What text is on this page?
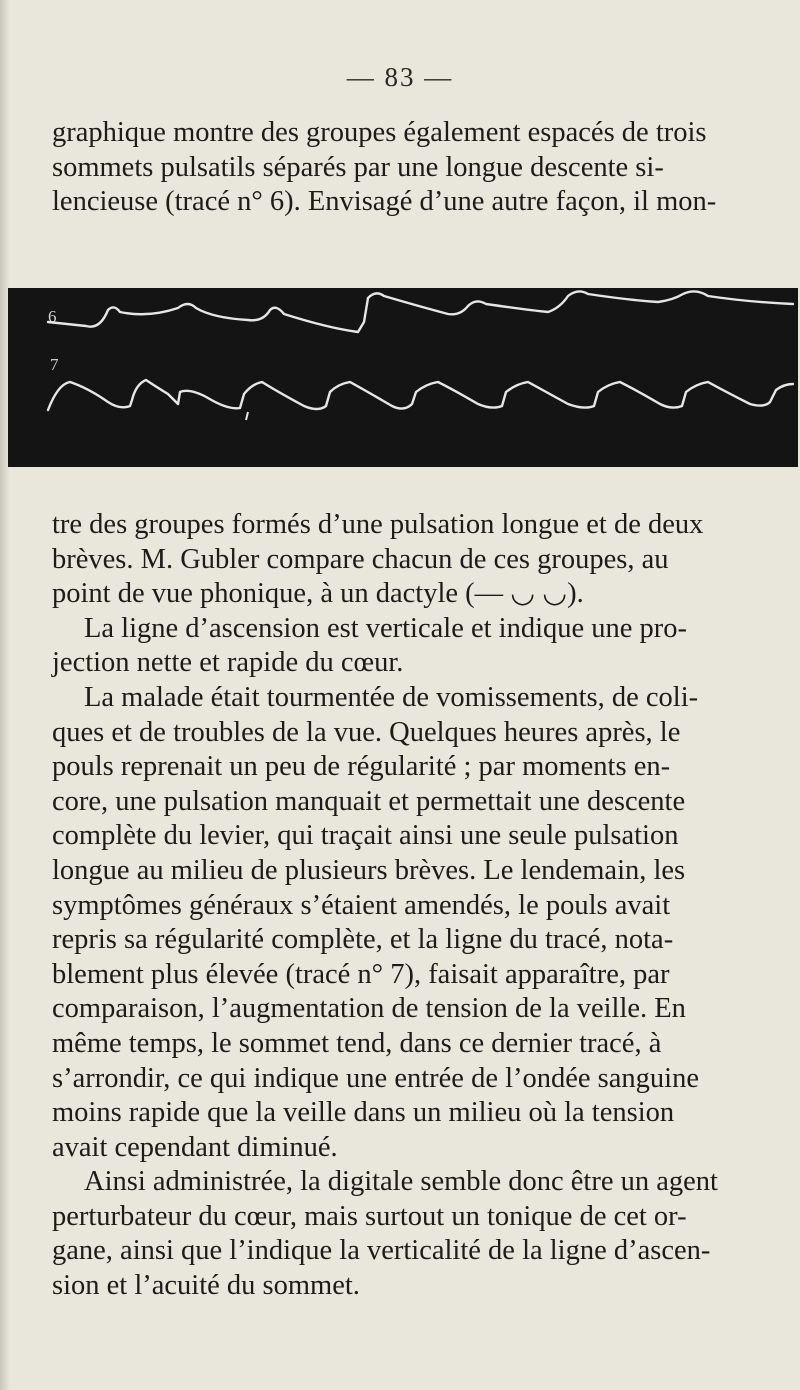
— 83 —
graphique montre des groupes également espacés de trois
sommets pulsatils séparés par une longue descente si-
lencieuse (tracé n° 6). Envisagé d’une autre façon, il mon-
6
7
tre des groupes formés d’une pulsation longue et de deux
brèves. M. Gubler compare chacun de ces groupes, au
point de vue phonique, à un dactyle (— ◡ ◡).
La ligne d’ascension est verticale et indique une pro-
jection nette et rapide du cœur.
La malade était tourmentée de vomissements, de coli-
ques et de troubles de la vue. Quelques heures après, le
pouls reprenait un peu de régularité ; par moments en-
core, une pulsation manquait et permettait une descente
complète du levier, qui traçait ainsi une seule pulsation
longue au milieu de plusieurs brèves. Le lendemain, les
symptômes généraux s’étaient amendés, le pouls avait
repris sa régularité complète, et la ligne du tracé, nota-
blement plus élevée (tracé n° 7), faisait apparaître, par
comparaison, l’augmentation de tension de la veille. En
même temps, le sommet tend, dans ce dernier tracé, à
s’arrondir, ce qui indique une entrée de l’ondée sanguine
moins rapide que la veille dans un milieu où la tension
avait cependant diminué.
Ainsi administrée, la digitale semble donc être un agent
perturbateur du cœur, mais surtout un tonique de cet or-
gane, ainsi que l’indique la verticalité de la ligne d’ascen-
sion et l’acuité du sommet.
